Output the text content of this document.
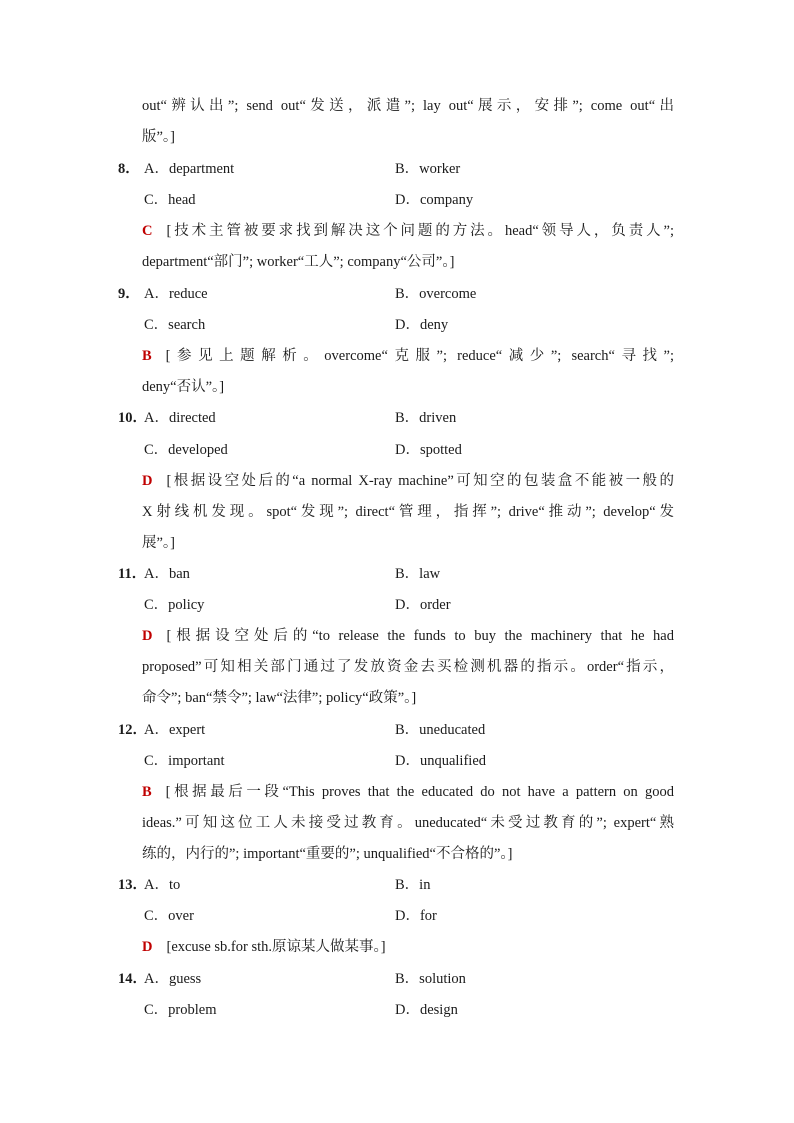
out“辨认出”; send out“发送，派遣”; lay out“展示，安排”; come out“出
版”。]
8． A．department	B．worker
C．head	D．company
C [技术主管被要求找到解决这个问题的方法。head“领导人，负责人”;
department“部门”; worker“工人”; company“公司”。]
9． A．reduce	B．overcome
C．search	D．deny
B [参见上题解析。overcome“克服”; reduce“减少”; search“寻找”;
deny“否认”。]
10．
A．directed	B．driven
C．developed	D．spotted
D [根据设空处后的“a normal X-ray machine”可知空的包装盒不能被一般的
X射线机发现。spot“发现”; direct“管理，指挥”; drive“推动”; develop“发
展”。]
11．
A．ban	B．law
C．policy	D．order
D [根据设空处后的“to release the funds to buy the machinery that he had
proposed”可知相关部门通过了发放资金去买检测机器的指示。order“指示，
命令”; ban“禁令”; law“法律”; policy“政策”。]
12．
A．expert	B．uneducated
C．important	D．unqualified
B [根据最后一段“This proves that the educated do not have a pattern on good
ideas.”可知这位工人未接受过教育。uneducated“未受过教育的”; expert“熟
练的，内行的”; important“重要的”; unqualified“不合格的”。]
13．
A．to	B．in
C．over	D．for
D [excuse sb.for sth.原谅某人做某事。]
14．
A．guess	B．solution
C．problem	D．design
